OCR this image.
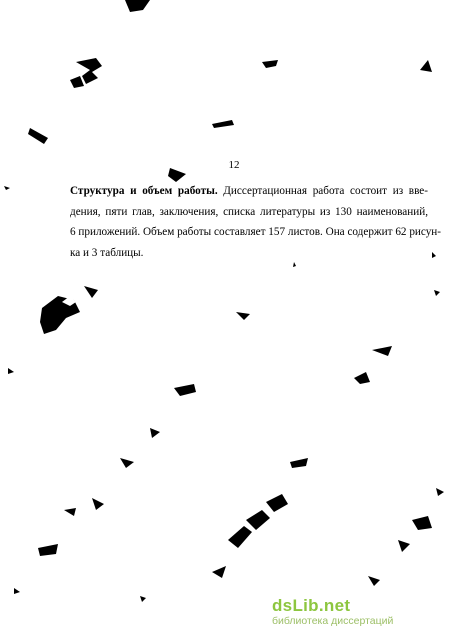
12
Структура и объем работы. Диссертационная работа состоит из вве-
дения, пяти глав, заключения, списка литературы из 130 наименований,
6 приложений. Объем работы составляет 157 листов. Она содержит 62 рисун-
ка и 3 таблицы.
dsLib.net
библиотека диссертаций
